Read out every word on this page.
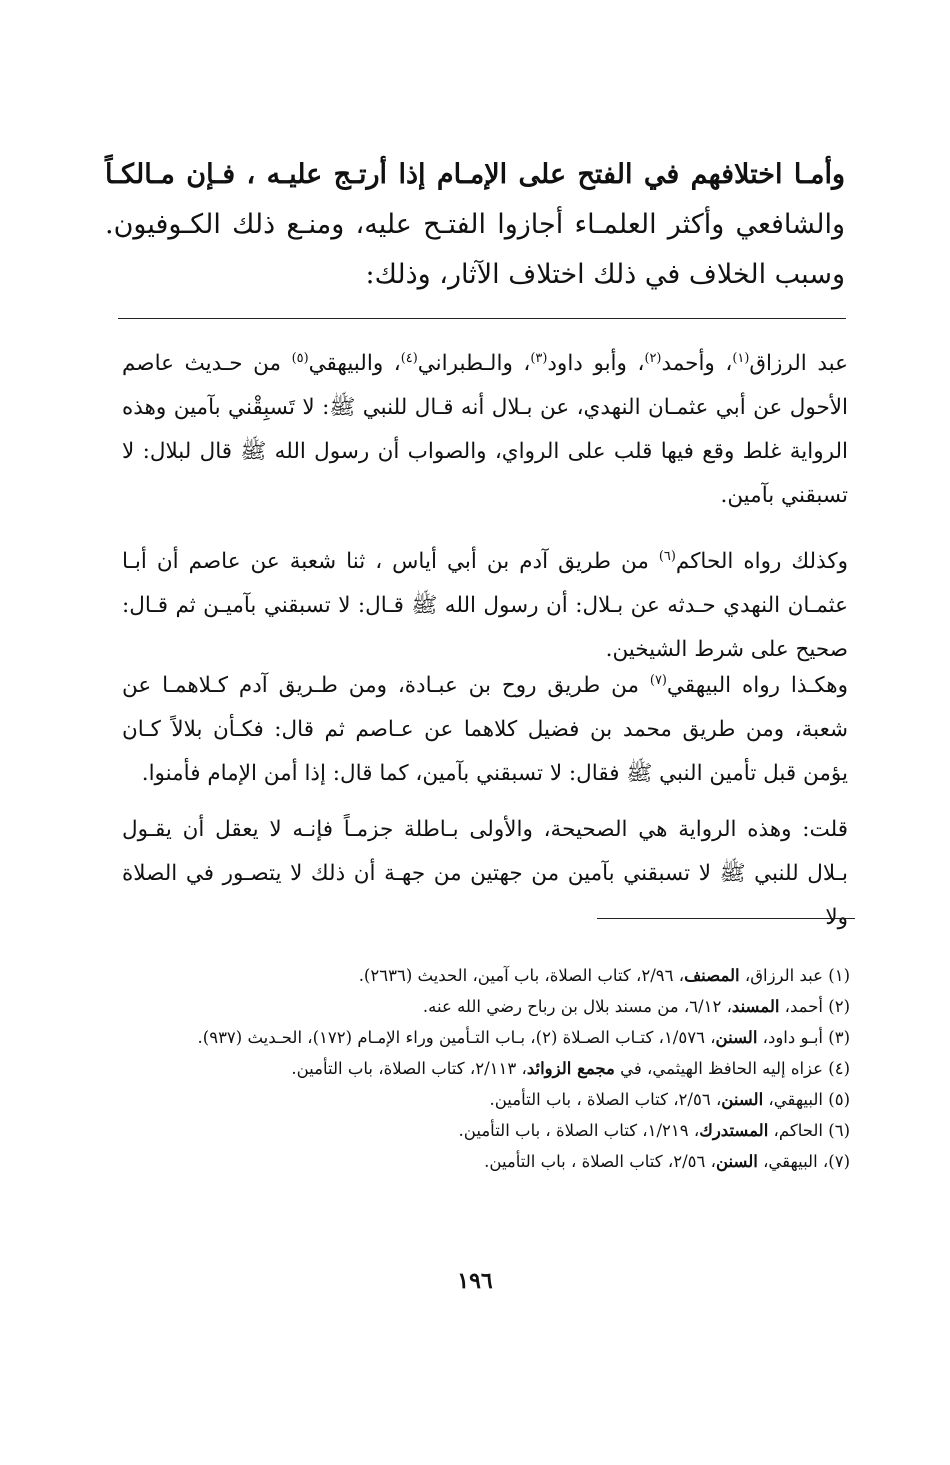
وأمـا اختلافهم في الفتح على الإمـام إذا أرتـج عليـه ، فـإن مـالكـاً والشافعي وأكثر العلمـاء أجازوا الفتـح عليه، ومنـع ذلك الكـوفيون. وسبب الخلاف في ذلك اختلاف الآثار، وذلك:
عبد الرزاق$^{(١)}$، وأحمد$^{(٢)}$، وأبو داود$^{(٣)}$، والـطبراني$^{(٤)}$، والبيهقي$^{(٥)}$ من حـديث عاصم الأحول عن أبي عثمـان النهدي، عن بـلال أنه قـال للنبي ﷺ: لا تَسبِقْني بآمين وهذه الرواية غلط وقع فيها قلب على الرواي، والصواب أن رسول الله ﷺ قال لبلال: لا تسبقني بآمين.
وكذلك رواه الحاكم$^{(٦)}$ من طريق آدم بن أبي أياس ، ثنا شعبة عن عاصم أن أبـا عثمـان النهدي حـدثه عن بـلال: أن رسول الله ﷺ قـال: لا تسبقني بآميـن ثم قـال: صحيح على شرط الشيخين.
وهكـذا رواه البيهقي$^{(٧)}$ من طريق روح بن عبـادة، ومن طـريق آدم كـلاهمـا عن شعبة، ومن طريق محمد بن فضيل كلاهما عن عـاصم ثم قال: فكـأن بلالاً كـان يؤمن قبل تأمين النبي ﷺ فقال: لا تسبقني بآمين، كما قال: إذا أمن الإمام فأمنوا.
قلت: وهذه الرواية هي الصحيحة، والأولى بـاطلة جزمـاً فإنـه لا يعقل أن يقـول بـلال للنبي ﷺ لا تسبقني بآمين من جهتين من جهـة أن ذلك لا يتصـور في الصلاة ولا
(١) عبد الرزاق، المصنف، ٢/٩٦، كتاب الصلاة، باب آمين، الحديث (٢٦٣٦).
(٢) أحمد، المسند، ٦/١٢، من مسند بلال بن رباح رضي الله عنه.
(٣) أبـو داود، السنن، ١/٥٧٦، كتـاب الصـلاة (٢)، بـاب التـأمين وراء الإمـام (١٧٢)، الحـديث (٩٣٧).
(٤) عزاه إليه الحافظ الهيثمي، في مجمع الزوائد، ٢/١١٣، كتاب الصلاة، باب التأمين.
(٥) البيهقي، السنن، ٢/٥٦، كتاب الصلاة ، باب التأمين.
(٦) الحاكم، المستدرك، ١/٢١٩، كتاب الصلاة ، باب التأمين.
(٧)، البيهقي، السنن، ٢/٥٦، كتاب الصلاة ، باب التأمين.
١٩٦
